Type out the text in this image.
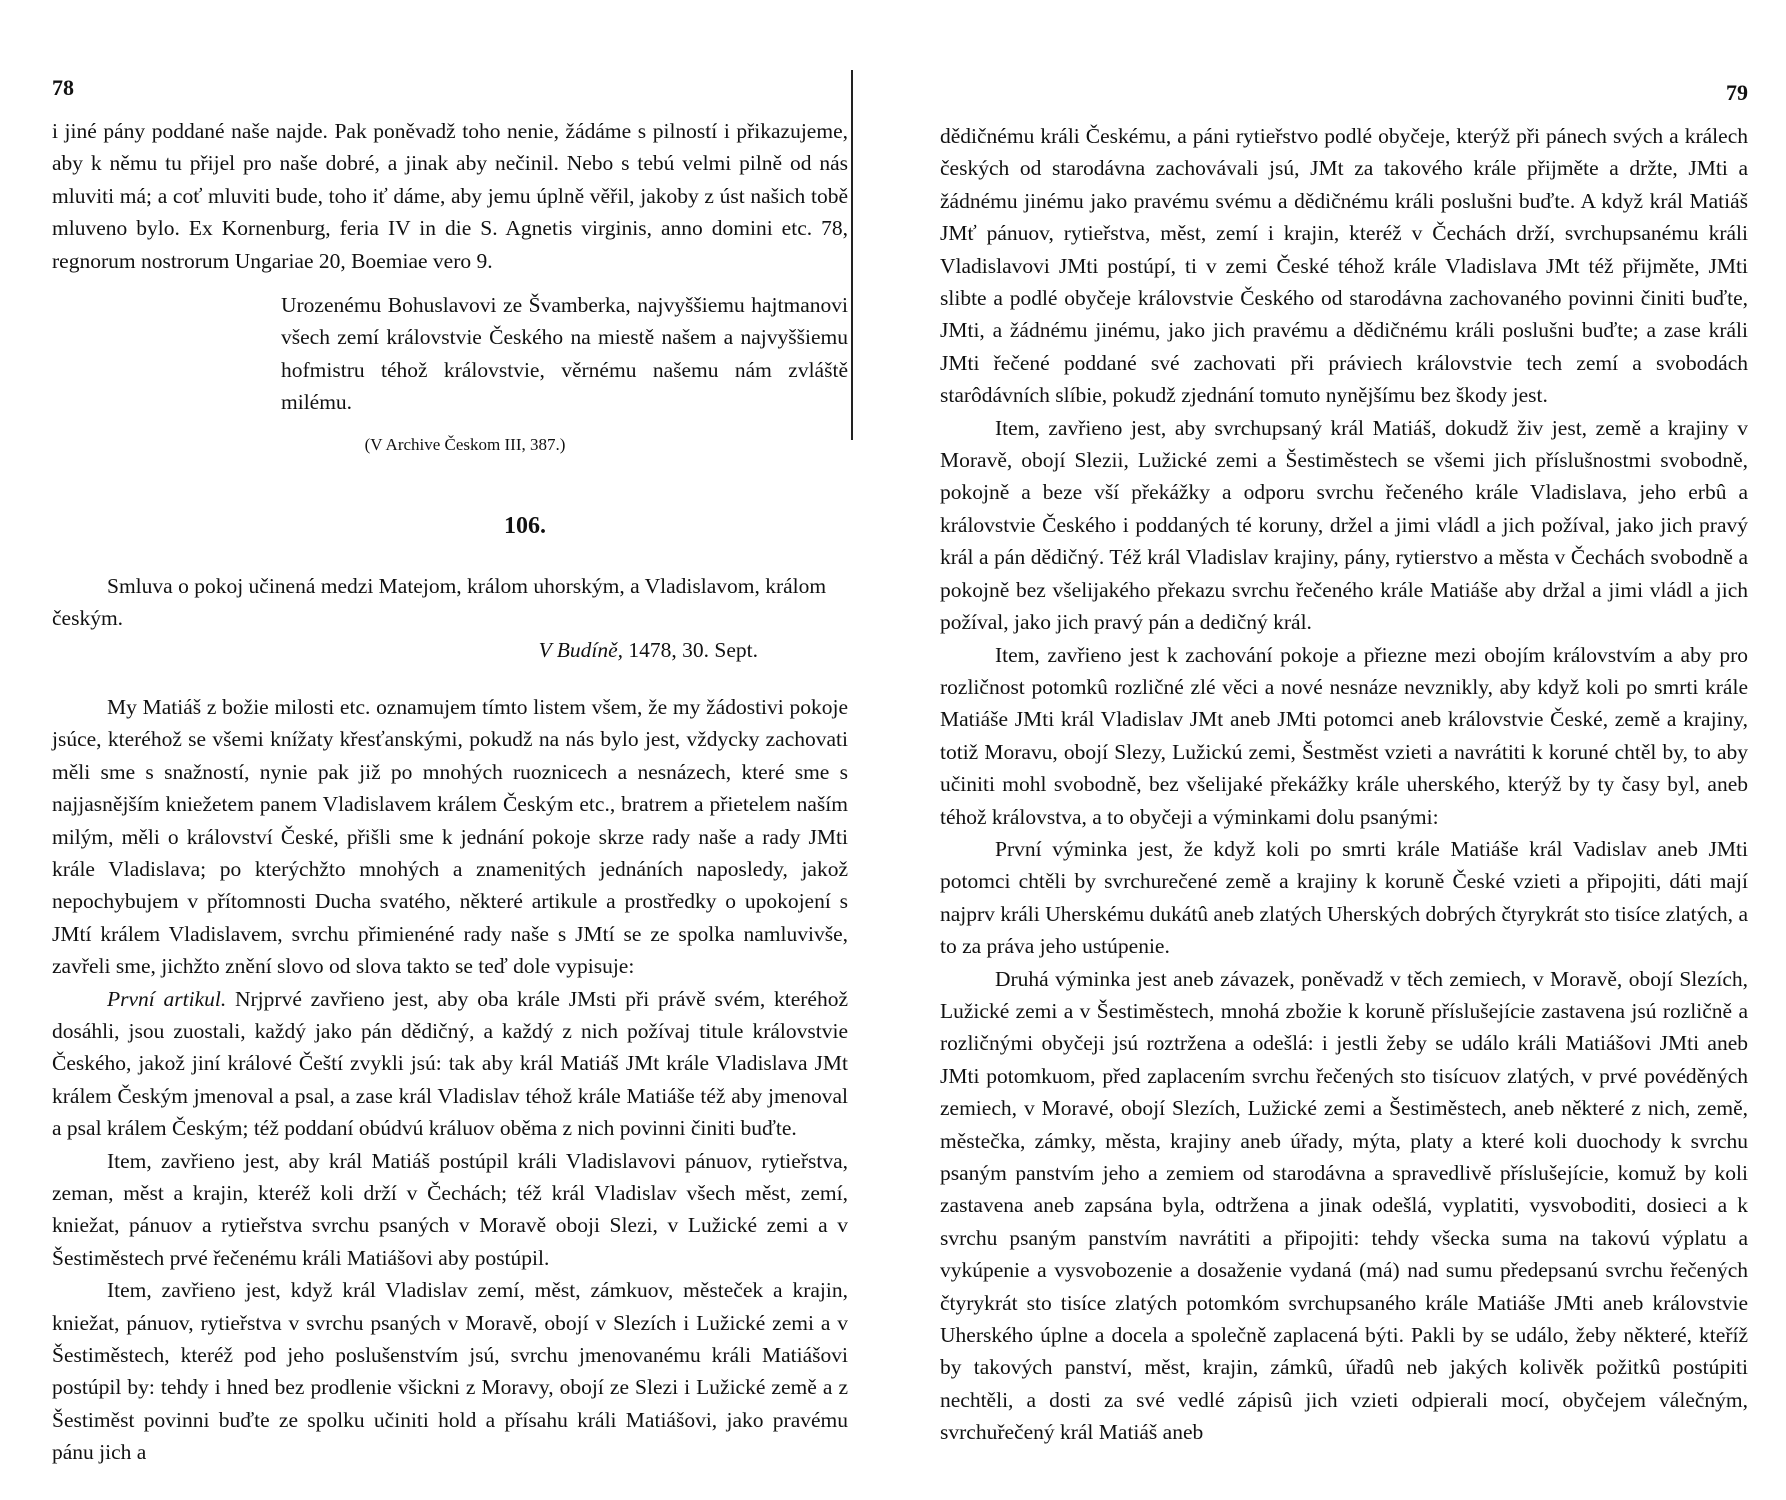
78

i jiné pány poddané naše najde. Pak poněvadž toho nenie, žádáme s pilností i přikazujeme, aby k němu tu přijel pro naše dobré, a jinak aby nečinil. Nebo s tebú velmi pilně od nás mluviti má; a coť mluviti bude, toho iť dáme, aby jemu úplně věřil, jakoby z úst našich tobě mluveno bylo. Ex Kornenburg, feria IV in die S. Agnetis virginis, anno domini etc. 78, regnorum nostrorum Ungariae 20, Boemiae vero 9.

Urozenému Bohuslavovi ze Švamberka, najvyššiemu hajtmanovi všech zemí královstvie Českého na miestě našem a najvyššiemu hofmistru téhož královstvie, věrnému našemu nám zvláště milému.

(V Archive Českom III, 387.)

106.

Smluva o pokoj učinená medzi Matejom, králom uhorským, a Vladislavom, králom českým.

V Budíně, 1478, 30. Sept.

My Matiáš z božie milosti etc. oznamujem tímto listem všem, že my žádostivi pokoje jsúce, kteréhož se všemi knížaty křesťanskými, pokudž na nás bylo jest, vždycky zachovati měli sme s snažností, nynie pak již po mnohých ruoznicech a nesnázech, které sme s najjasnějším kniežetem panem Vladislavem králem Českým etc., bratrem a přietelem naším milým, měli o království České, přišli sme k jednání pokoje skrze rady naše a rady JMti krále Vladislava; po kterýchžto mnohých a znamenitých jednáních naposledy, jakož nepochybujem v přítomnosti Ducha svatého, některé artikule a prostředky o upokojení s JMtí králem Vladislavem, svrchu přimienéné rady naše s JMtí se ze spolka namluvivše, zavřeli sme, jichžto znění slovo od slova takto se teď dole vypisuje:

První artikul. Nrjprvé zavřieno jest, aby oba krále JMsti při právě svém, kteréhož dosáhli, jsou zuostali, každý jako pán dědičný, a každý z nich požívaj titule královstvie Českého, jakož jiní králové Čeští zvykli jsú: tak aby král Matiáš JMt krále Vladislava JMt králem Českým jmenoval a psal, a zase král Vladislav téhož krále Matiáše též aby jmenoval a psal králem Českým; též poddaní obúdvú králuov oběma z nich povinni činiti buďte.

Item, zavřieno jest, aby král Matiáš postúpil králi Vladislavovi pánuov, rytieřstva, zeman, měst a krajin, kteréž koli drží v Čechách; též král Vladislav všech měst, zemí, kniežat, pánuov a rytieřstva svrchu psaných v Moravě oboji Slezi, v Lužické zemi a v Šestiměstech prvé řečenému králi Matiášovi aby postúpil.

Item, zavřieno jest, když král Vladislav zemí, měst, zámkuov, městeček a krajin, kniežat, pánuov, rytieřstva v svrchu psaných v Moravě, obojí v Slezích i Lužické zemi a v Šestiměstech, kteréž pod jeho poslušenstvím jsú, svrchu jmenovanému králi Matiášovi postúpil by: tehdy i hned bez prodlenie všickni z Moravy, obojí ze Slezi i Lužické země a z Šestiměst povinni buďte ze spolku učiniti hold a přísahu králi Matiášovi, jako pravému pánu jich a

79

dědičnému králi Českému, a páni rytieřstvo podlé obyčeje, kterýž při pánech svých a králech českých od starodávna zachovávali jsú, JMt za takového krále přijměte a držte, JMti a žádnému jinému jako pravému svému a dědičnému králi poslušni buďte. A když král Matiáš JMť pánuov, rytieřstva, měst, zemí i krajin, kteréž v Čechách drží, svrchupsanému králi Vladislavovi JMti postúpí, ti v zemi České téhož krále Vladislava JMt též přijměte, JMti slibte a podlé obyčeje královstvie Českého od starodávna zachovaného povinni činiti buďte, JMti, a žádnému jinému, jako jich pravému a dědičnému králi poslušni buďte; a zase králi JMti řečené poddané své zachovati při práviech královstvie tech zemí a svobodách starôdávních slíbie, pokudž zjednání tomuto nynějšímu bez škody jest.

Item, zavřieno jest, aby svrchupsaný král Matiáš, dokudž živ jest, země a krajiny v Moravě, obojí Slezii, Lužické zemi a Šestiměstech se všemi jich příslušnostmi svobodně, pokojně a beze vší překážky a odporu svrchu řečeného krále Vladislava, jeho erbû a královstvie Českého i poddaných té koruny, držel a jimi vládl a jich požíval, jako jich pravý král a pán dědičný. Též král Vladislav krajiny, pány, rytierstvo a města v Čechách svobodně a pokojně bez všelijakého překazu svrchu řečeného krále Matiáše aby držal a jimi vládl a jich požíval, jako jich pravý pán a dedičný král.

Item, zavřieno jest k zachování pokoje a přiezne mezi obojím královstvím a aby pro rozličnost potomkû rozličné zlé věci a nové nesnáze nevznikly, aby když koli po smrti krále Matiáše JMti král Vladislav JMt aneb JMti potomci aneb královstvie České, země a krajiny, totiž Moravu, obojí Slezy, Lužickú zemi, Šestměst vzieti a navrátiti k koruné chtěl by, to aby učiniti mohl svobodně, bez všelijaké překážky krále uherského, kterýž by ty časy byl, aneb téhož královstva, a to obyčeji a výminkami dolu psanými:

První výminka jest, že když koli po smrti krále Matiáše král Vadislav aneb JMti potomci chtěli by svrchurečené země a krajiny k koruně České vzieti a připojiti, dáti mají najprv králi Uherskému dukátû aneb zlatých Uherských dobrých čtyrykrát sto tisíce zlatých, a to za práva jeho ustúpenie.

Druhá výminka jest aneb závazek, poněvadž v těch zemiech, v Moravě, obojí Slezích, Lužické zemi a v Šestiměstech, mnohá zbožie k koruně příslušejície zastavena jsú rozličně a rozličnými obyčeji jsú roztržena a odešlá: i jestli žeby se událo králi Matiášovi JMti aneb JMti potomkuom, před zaplacením svrchu řečených sto tisícuov zlatých, v prvé povéděných zemiech, v Moravé, obojí Slezích, Lužické zemi a Šestiměstech, aneb některé z nich, země, městečka, zámky, města, krajiny aneb úřady, mýta, platy a které koli duochody k svrchu psaným panstvím jeho a zemiem od starodávna a spravedlivě příslušejície, komuž by koli zastavena aneb zapsána byla, odtržena a jinak odešlá, vyplatiti, vysvoboditi, dosieci a k svrchu psaným panstvím navrátiti a připojiti: tehdy všecka suma na takovú výplatu a vykúpenie a vysvobozenie a dosaženie vydaná (má) nad sumu předepsanú svrchu řečených čtyrykrát sto tisíce zlatých potomkóm svrchupsaného krále Matiáše JMti aneb královstvie Uherského úplne a docela a společně zaplacená býti. Pakli by se událo, žeby některé, kteříž by takových panství, měst, krajin, zámkû, úřadû neb jakých kolivěk požitkû postúpiti nechtěli, a dosti za své vedlé zápisû jich vzieti odpierali mocí, obyčejem válečným, svrchuřečený král Matiáš aneb
